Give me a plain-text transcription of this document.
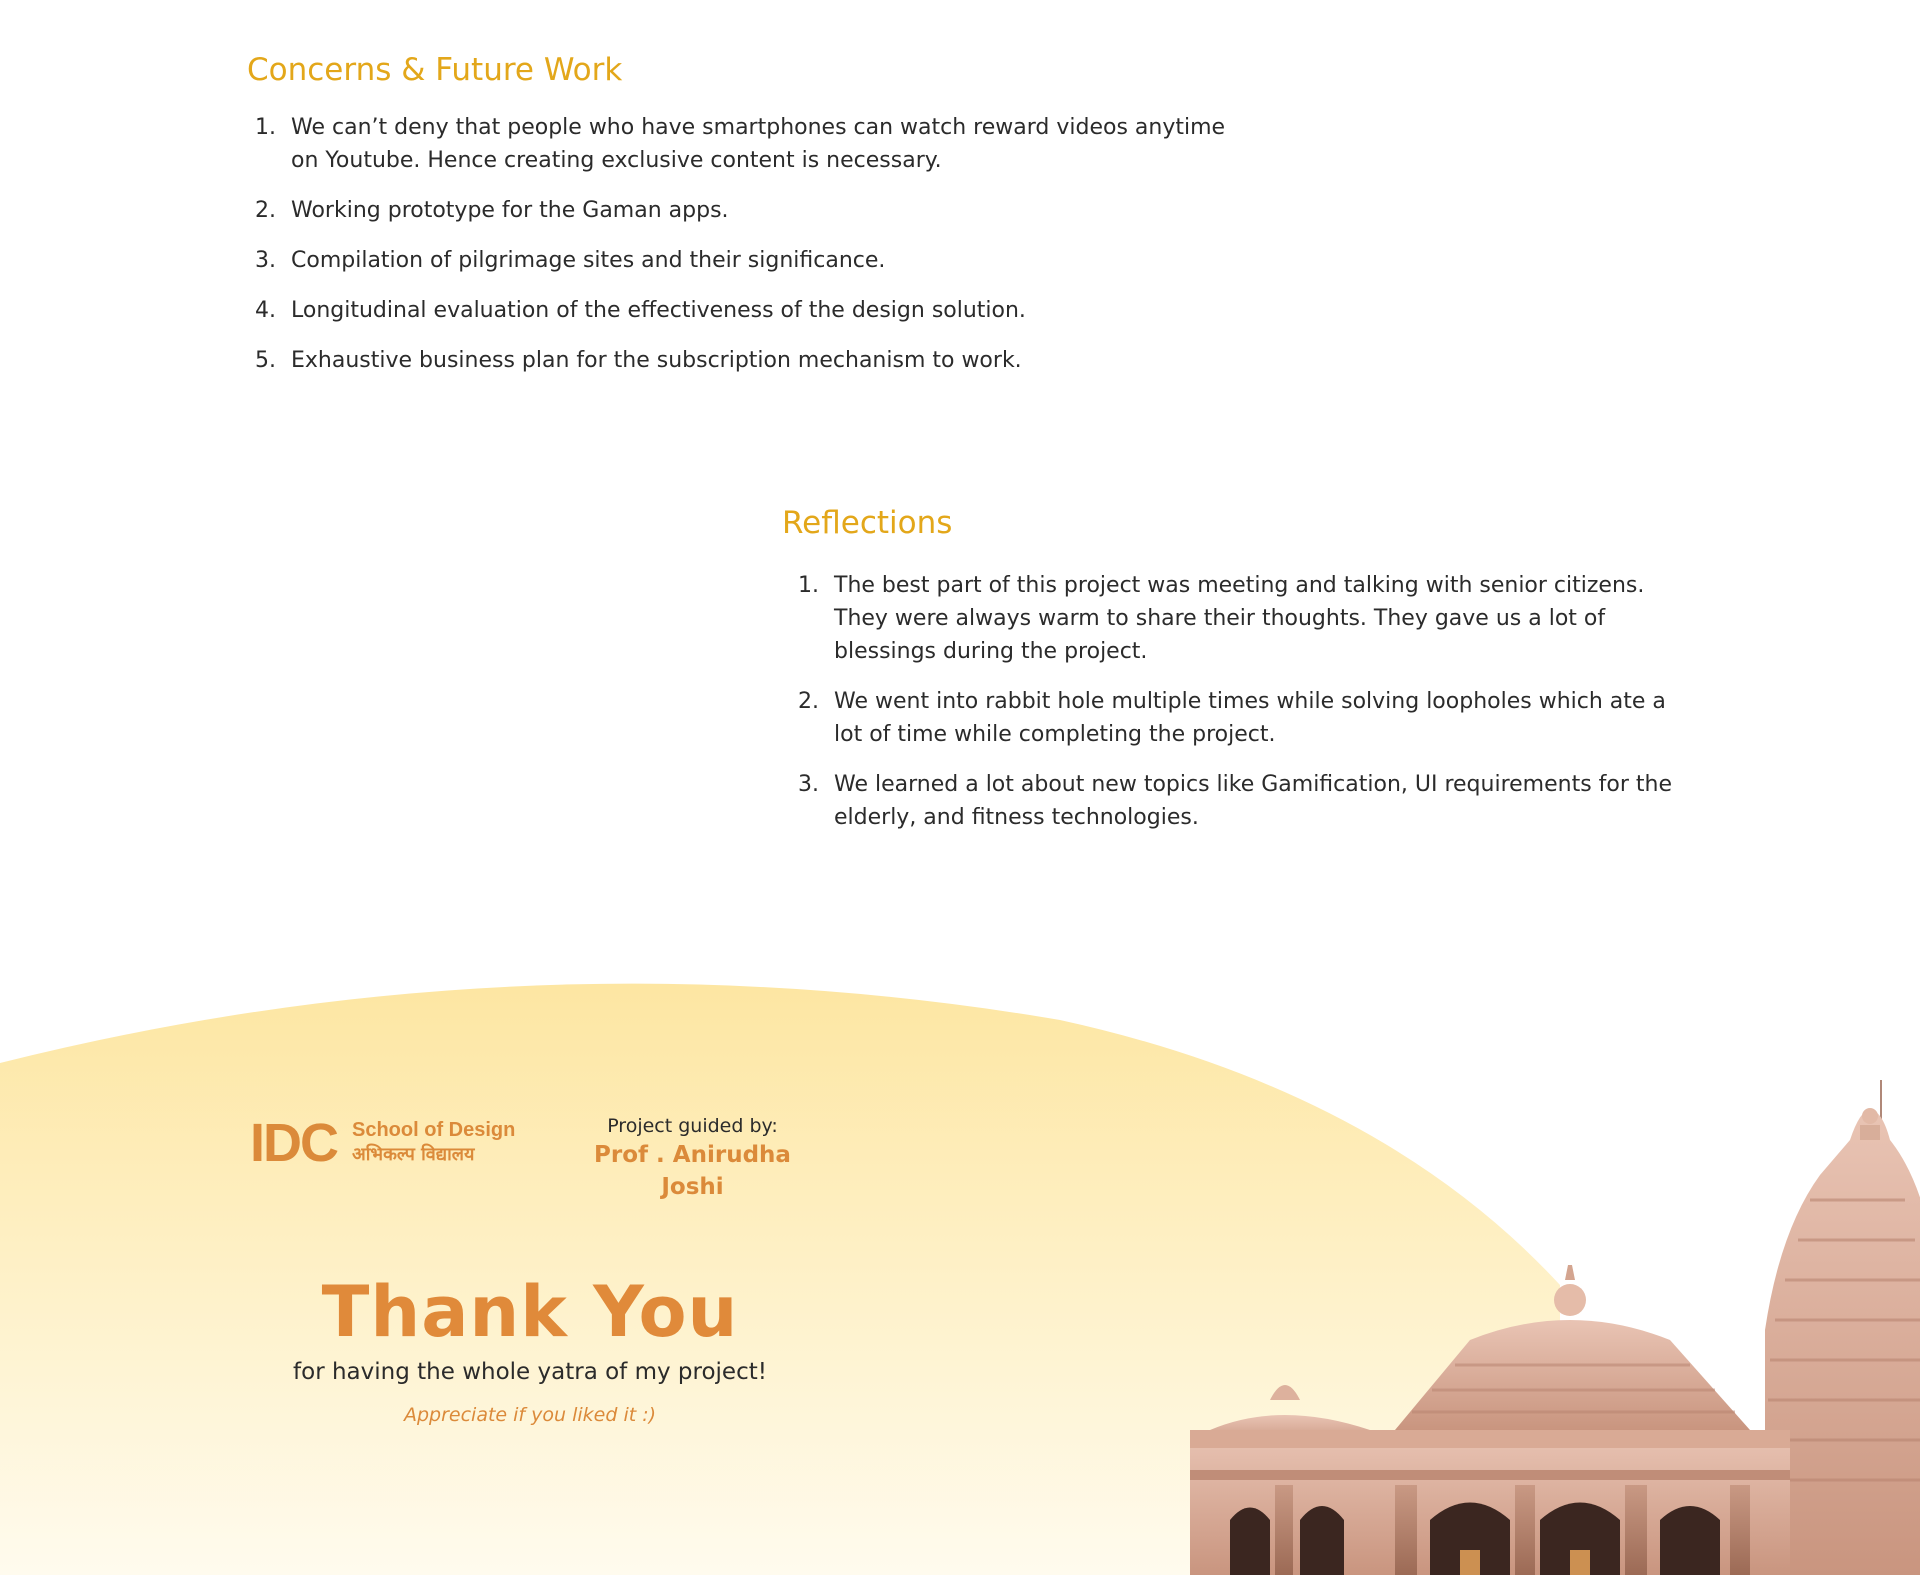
Concerns & Future Work
1. We can’t deny that people who have smartphones can watch reward videos anytime on Youtube. Hence creating exclusive content is necessary.
2. Working prototype for the Gaman apps.
3. Compilation of pilgrimage sites and their significance.
4. Longitudinal evaluation of the effectiveness of the design solution.
5. Exhaustive business plan for the subscription mechanism to work.
Reflections
1. The best part of this project was meeting and talking with senior citizens. They were always warm to share their thoughts. They gave us a lot of blessings during the project.
2. We went into rabbit hole multiple times while solving loopholes which ate a lot of time while completing the project.
3. We learned a lot about new topics like Gamification, UI requirements for the elderly, and fitness technologies.
IDC School of Design
अभिकल्प विद्यालय
Project guided by:
Prof . Anirudha Joshi
Thank You
for having the whole yatra of my project!
Appreciate if you liked it :)
